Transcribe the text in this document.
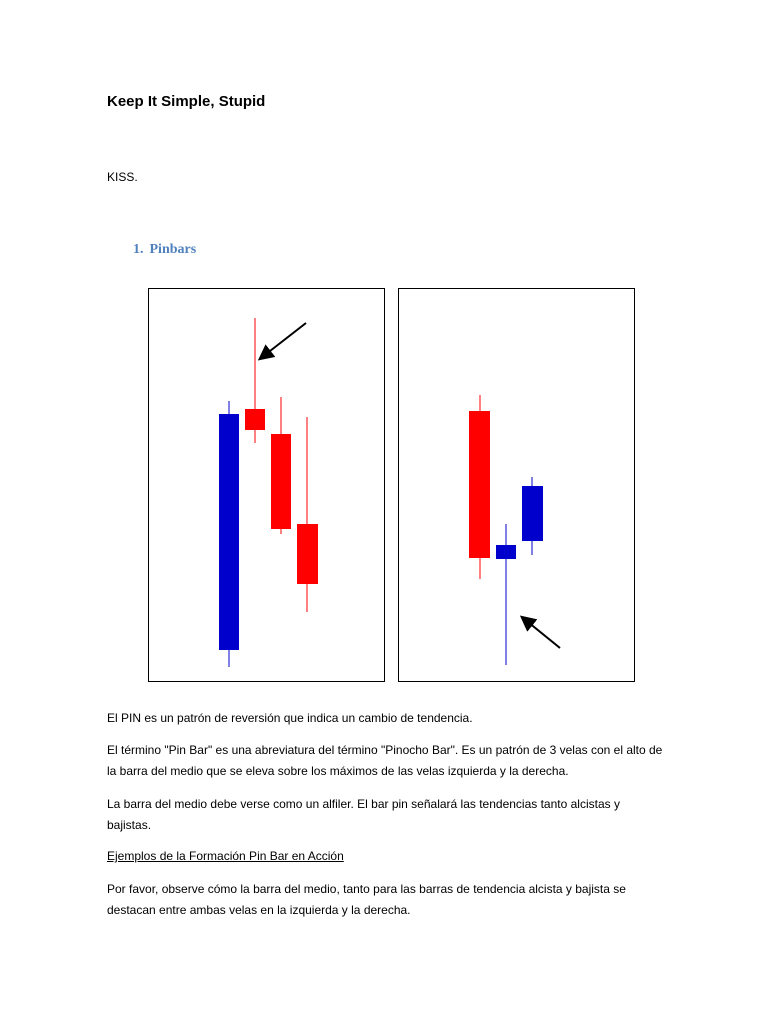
Keep It Simple, Stupid
KISS.
1. Pinbars

El PIN es un patrón de reversión que indica un cambio de tendencia.

El término "Pin Bar" es una abreviatura del término "Pinocho Bar". Es un patrón de 3 velas con el alto de la barra del medio que se eleva sobre los máximos de las velas izquierda y la derecha.

La barra del medio debe verse como un alfiler. El bar pin señalará las tendencias tanto alcistas y bajistas.

Ejemplos de la Formación Pin Bar en Acción

Por favor, observe cómo la barra del medio, tanto para las barras de tendencia alcista y bajista se destacan entre ambas velas en la izquierda y la derecha.
